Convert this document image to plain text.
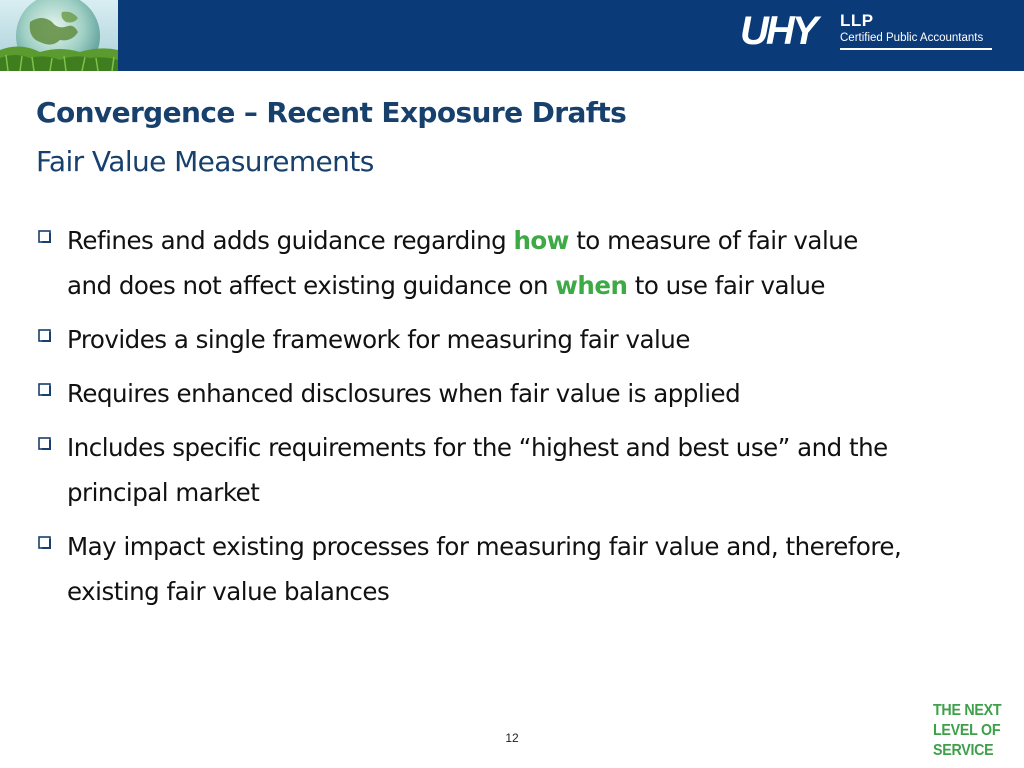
UHY	LLP
Certified Public Accountants
Convergence – Recent Exposure Drafts
Fair Value Measurements
Refines and adds guidance regarding how to measure of fair value
and does not affect existing guidance on when to use fair value
Provides a single framework for measuring fair value
Requires enhanced disclosures when fair value is applied
Includes specific requirements for the “highest and best use” and the principal market
May impact existing processes for measuring fair value and, therefore, existing fair value balances
12
THE NEXT
LEVEL OF
SERVICE
